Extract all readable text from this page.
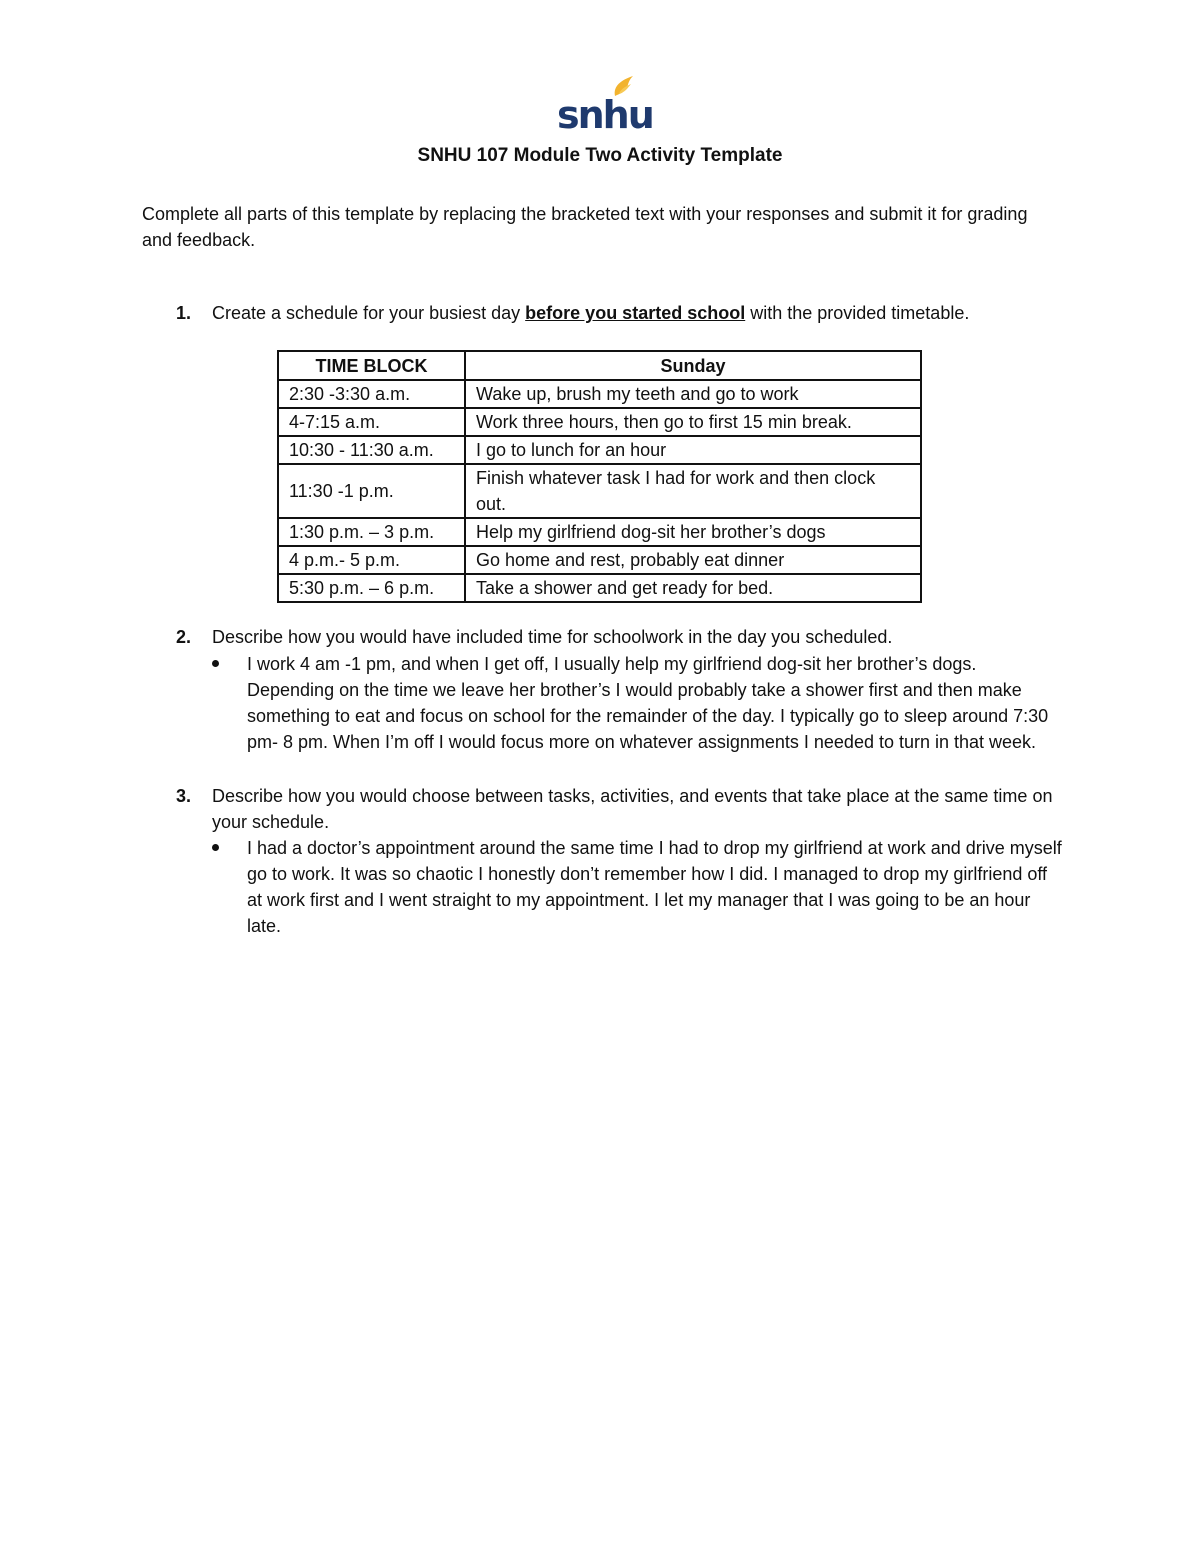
snhu
SNHU 107 Module Two Activity Template

Complete all parts of this template by replacing the bracketed text with your responses and submit it for grading and feedback.

1. Create a schedule for your busiest day before you started school with the provided timetable.
TIME BLOCK	Sunday
2:30 -3:30 a.m.	Wake up, brush my teeth and go to work
4-7:15 a.m.	Work three hours, then go to first 15 min break.
10:30 - 11:30 a.m.	I go to lunch for an hour
11:30 -1 p.m.	Finish whatever task I had for work and then clock out.
1:30 p.m. – 3 p.m.	Help my girlfriend dog-sit her brother’s dogs
4 p.m.- 5 p.m.	Go home and rest, probably eat dinner
5:30 p.m. – 6 p.m.	Take a shower and get ready for bed.
2. Describe how you would have included time for schoolwork in the day you scheduled.
I work 4 am -1 pm, and when I get off, I usually help my girlfriend dog-sit her brother’s dogs. Depending on the time we leave her brother’s I would probably take a shower first and then make something to eat and focus on school for the remainder of the day. I typically go to sleep around 7:30 pm- 8 pm. When I’m off I would focus more on whatever assignments I needed to turn in that week.
3. Describe how you would choose between tasks, activities, and events that take place at the same time on your schedule.
I had a doctor’s appointment around the same time I had to drop my girlfriend at work and drive myself go to work. It was so chaotic I honestly don’t remember how I did. I managed to drop my girlfriend off at work first and I went straight to my appointment. I let my manager that I was going to be an hour late.
